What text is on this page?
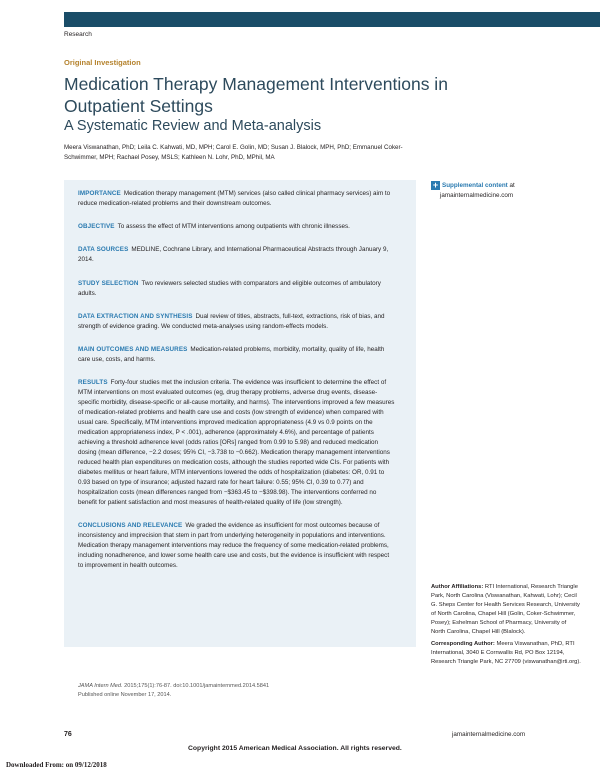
Research
Original Investigation
Medication Therapy Management Interventions in Outpatient Settings
A Systematic Review and Meta-analysis
Meera Viswanathan, PhD; Leila C. Kahwati, MD, MPH; Carol E. Golin, MD; Susan J. Blalock, MPH, PhD; Emmanuel Coker-Schwimmer, MPH; Rachael Posey, MSLS; Kathleen N. Lohr, PhD, MPhil, MA

IMPORTANCE Medication therapy management (MTM) services (also called clinical pharmacy services) aim to reduce medication-related problems and their downstream outcomes.

OBJECTIVE To assess the effect of MTM interventions among outpatients with chronic illnesses.

DATA SOURCES MEDLINE, Cochrane Library, and International Pharmaceutical Abstracts through January 9, 2014.

STUDY SELECTION Two reviewers selected studies with comparators and eligible outcomes of ambulatory adults.

DATA EXTRACTION AND SYNTHESIS Dual review of titles, abstracts, full-text, extractions, risk of bias, and strength of evidence grading. We conducted meta-analyses using random-effects models.

MAIN OUTCOMES AND MEASURES Medication-related problems, morbidity, mortality, quality of life, health care use, costs, and harms.

RESULTS Forty-four studies met the inclusion criteria. The evidence was insufficient to determine the effect of MTM interventions on most evaluated outcomes (eg, drug therapy problems, adverse drug events, disease-specific morbidity, disease-specific or all-cause mortality, and harms). The interventions improved a few measures of medication-related problems and health care use and costs (low strength of evidence) when compared with usual care. Specifically, MTM interventions improved medication appropriateness (4.9 vs 0.9 points on the medication appropriateness index, P < .001), adherence (approximately 4.6%), and percentage of patients achieving a threshold adherence level (odds ratios [ORs] ranged from 0.99 to 5.98) and reduced medication dosing (mean difference, −2.2 doses; 95% CI, −3.738 to −0.662). Medication therapy management interventions reduced health plan expenditures on medication costs, although the studies reported wide CIs. For patients with diabetes mellitus or heart failure, MTM interventions lowered the odds of hospitalization (diabetes: OR, 0.91 to 0.93 based on type of insurance; adjusted hazard rate for heart failure: 0.55; 95% CI, 0.39 to 0.77) and hospitalization costs (mean differences ranged from −$363.45 to −$398.98). The interventions conferred no benefit for patient satisfaction and most measures of health-related quality of life (low strength).

CONCLUSIONS AND RELEVANCE We graded the evidence as insufficient for most outcomes because of inconsistency and imprecision that stem in part from underlying heterogeneity in populations and interventions. Medication therapy management interventions may reduce the frequency of some medication-related problems, including nonadherence, and lower some health care use and costs, but the evidence is insufficient with respect to improvement in health outcomes.

+ Supplemental content at
jamainternalmedicine.com
Author Affiliations: RTI International, Research Triangle Park, North Carolina (Viswanathan, Kahwati, Lohr); Cecil G. Sheps Center for Health Services Research, University of North Carolina, Chapel Hill (Golin, Coker-Schwimmer, Posey); Eshelman School of Pharmacy, University of North Carolina, Chapel Hill (Blalock).
Corresponding Author: Meera Viswanathan, PhD, RTI International, 3040 E Cornwallis Rd, PO Box 12194, Research Triangle Park, NC 27709 (viswanathan@rti.org).
JAMA Intern Med. 2015;175(1):76-87. doi:10.1001/jamainternmed.2014.5841
Published online November 17, 2014.
76	jamainternalmedicine.com
Copyright 2015 American Medical Association. All rights reserved.
Downloaded From: on 09/12/2018
